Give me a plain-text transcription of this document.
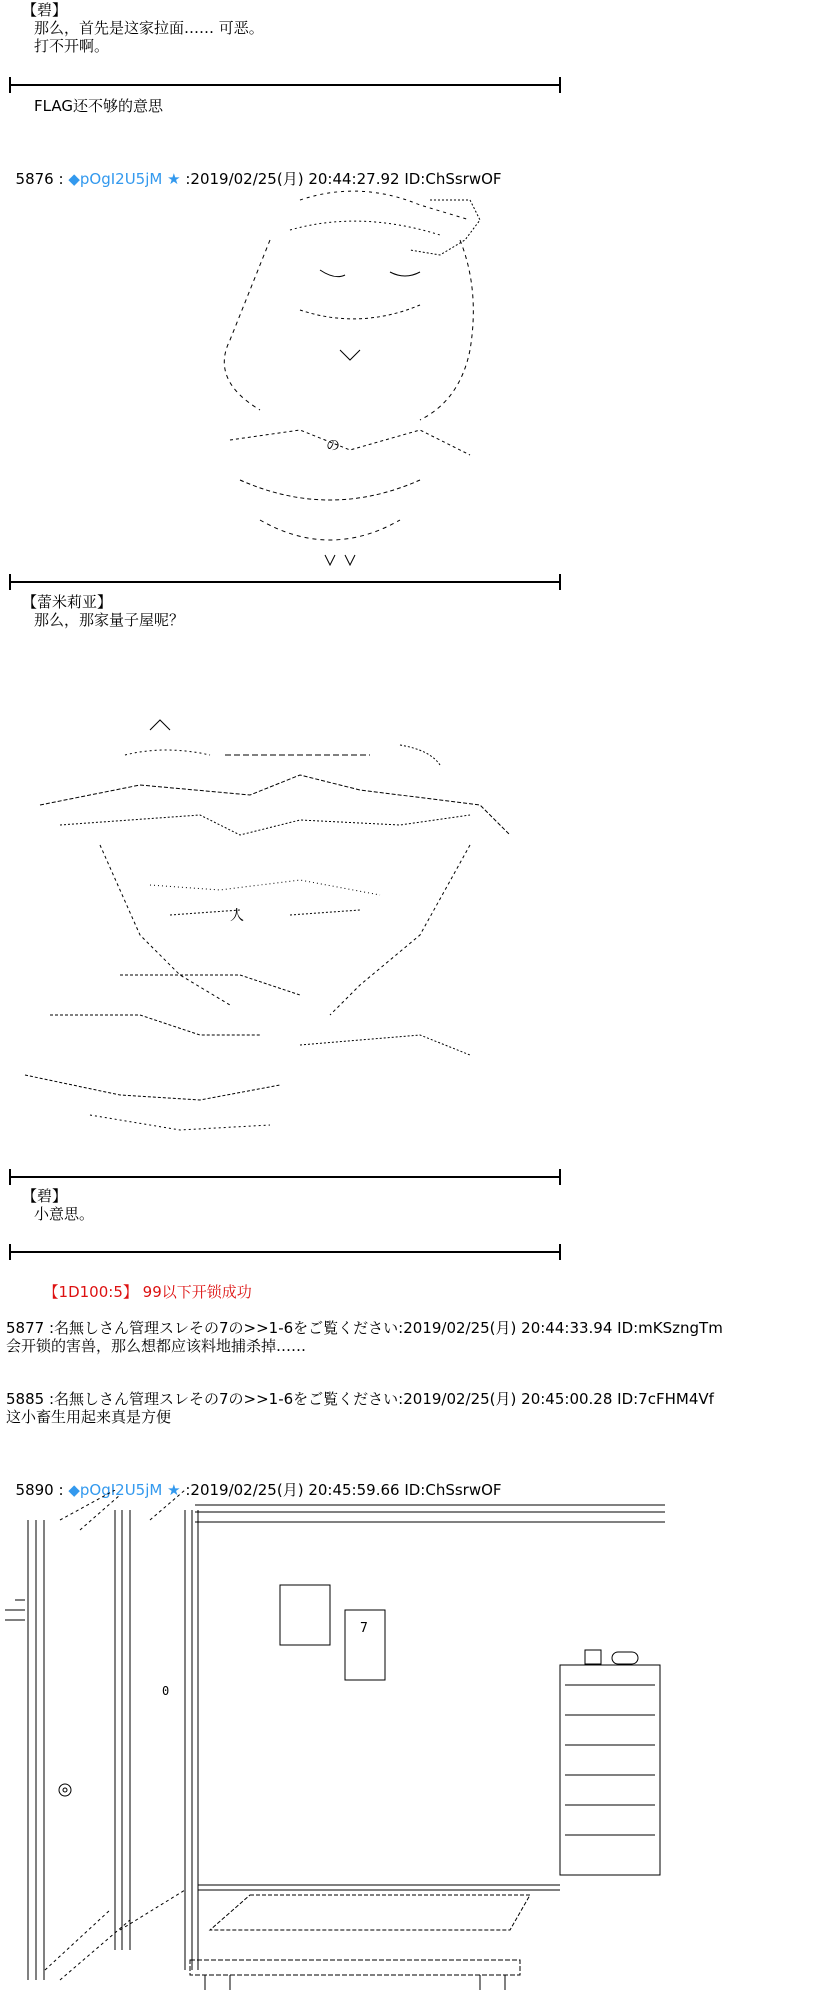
【碧】
那么，首先是这家拉面…… 可恶。
打不开啊。
FLAG还不够的意思

5876 : ◆pOgI2U5jM ★ :2019/02/25(月) 20:44:27.92 ID:ChSsrwOF

の
【蕾米莉亚】
那么，那家量子屋呢？
人
【碧】
小意思。

【1D100:5】 99以下开锁成功

5877 :名無しさん管理スレその7の>>1-6をご覧ください:2019/02/25(月) 20:44:33.94 ID:mKSzngTm
会开锁的害兽，那么想都应该料地捕杀掉……
5885 :名無しさん管理スレその7の>>1-6をご覧ください:2019/02/25(月) 20:45:00.28 ID:7cFHM4Vf
这小畜生用起来真是方便

5890 : ◆pOgI2U5jM ★ :2019/02/25(月) 20:45:59.66 ID:ChSsrwOF

7
0
